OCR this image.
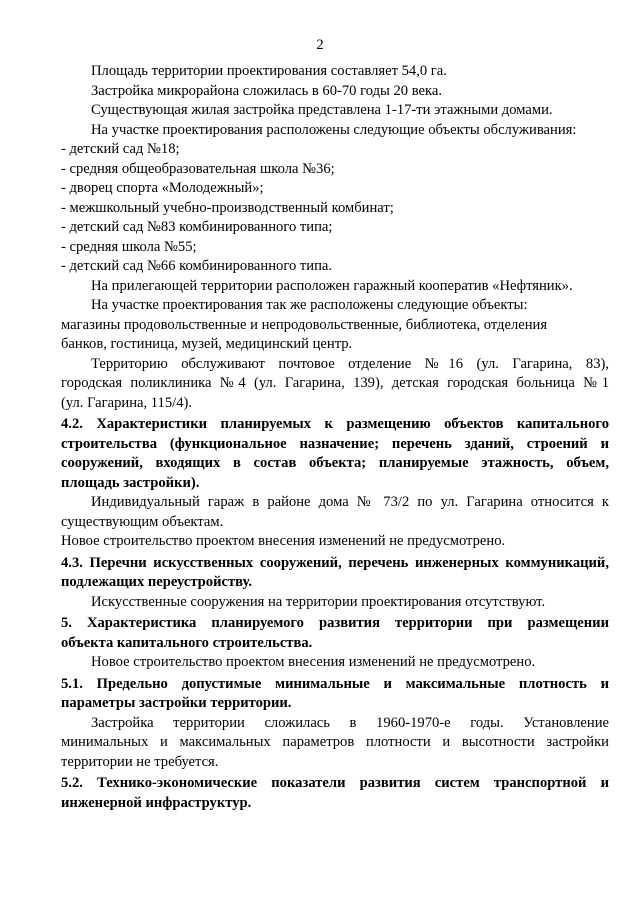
2
Площадь территории проектирования составляет 54,0 га.
Застройка микрорайона сложилась в 60-70 годы 20 века.
Существующая жилая застройка представлена 1-17-ти этажными домами.
На участке проектирования расположены следующие объекты обслуживания:
- детский сад №18;
- средняя общеобразовательная школа №36;
- дворец спорта «Молодежный»;
- межшкольный учебно-производственный комбинат;
- детский сад №83 комбинированного типа;
- средняя школа №55;
- детский сад №66 комбинированного типа.
На прилегающей территории расположен гаражный кооператив «Нефтяник».
На участке проектирования так же расположены следующие объекты:
магазины продовольственные и непродовольственные, библиотека, отделения
банков, гостиница, музей, медицинский центр.
Территорию обслуживают почтовое отделение №16 (ул. Гагарина, 83),
городская поликлиника №4 (ул. Гагарина, 139), детская городская больница №1
(ул. Гагарина, 115/4).
4.2. Характеристики планируемых к размещению объектов капитального
строительства (функциональное назначение; перечень зданий, строений и
сооружений, входящих в состав объекта; планируемые этажность, объем,
площадь застройки).
Индивидуальный гараж в районе дома № 73/2 по ул. Гагарина относится к
существующим объектам.
Новое строительство проектом внесения изменений не предусмотрено.
4.3. Перечни искусственных сооружений, перечень инженерных коммуникаций,
подлежащих переустройству.
Искусственные сооружения на территории проектирования отсутствуют.
5. Характеристика планируемого развития территории при размещении
объекта капитального строительства.
Новое строительство проектом внесения изменений не предусмотрено.
5.1. Предельно допустимые минимальные и максимальные плотность и
параметры застройки территории.
Застройка территории сложилась в 1960-1970-е годы. Установление
минимальных и максимальных параметров плотности и высотности застройки
территории не требуется.
5.2. Технико-экономические показатели развития систем транспортной и
инженерной инфраструктур.
